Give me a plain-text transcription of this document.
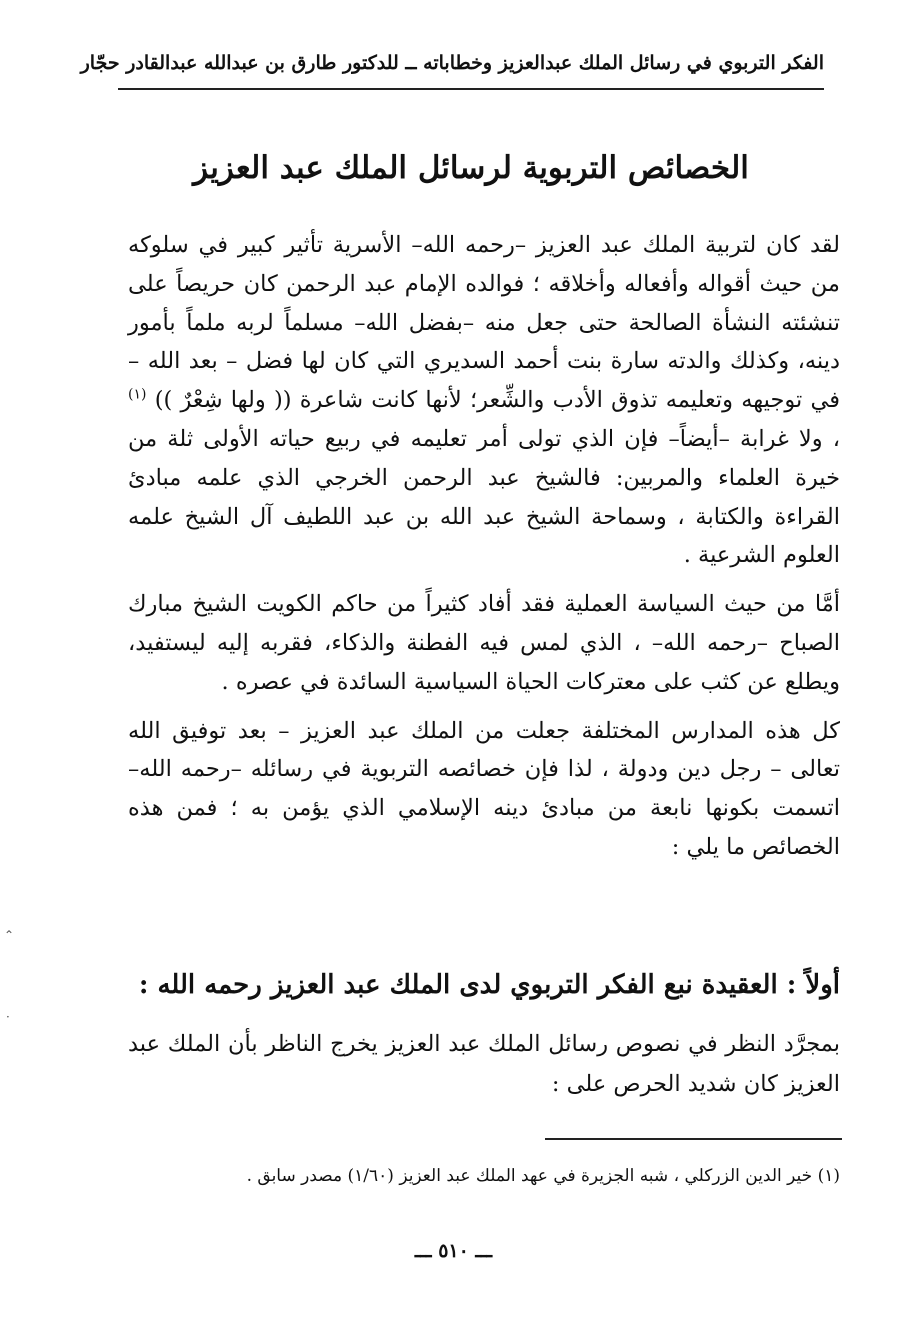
الفكر التربوي في رسائل الملك عبدالعزيز وخطاباته ــ للدكتور طارق بن عبدالله عبدالقادر حجّار
الخصائص التربوية لرسائل الملك عبد العزيز

لقد كان لتربية الملك عبد العزيز –رحمه الله– الأسرية تأثير كبير في سلوكه من حيث أقواله وأفعاله وأخلاقه ؛ فوالده الإمام عبد الرحمن كان حريصاً على تنشئته النشأة الصالحة حتى جعل منه –بفضل الله– مسلماً لربه ملماً بأمور دينه، وكذلك والدته سارة بنت أحمد السديري التي كان لها فضل – بعد الله – في توجيهه وتعليمه تذوق الأدب والشِّعر؛ لأنها كانت شاعرة (( ولها شِعْرٌ )) $^{(١)}$ ، ولا غرابة –أيضاً– فإن الذي تولى أمر تعليمه في ربيع حياته الأولى ثلة من خيرة العلماء والمربين: فالشيخ عبد الرحمن الخرجي الذي علمه مبادئ القراءة والكتابة ، وسماحة الشيخ عبد الله بن عبد اللطيف آل الشيخ علمه العلوم الشرعية .

أمَّا من حيث السياسة العملية فقد أفاد كثيراً من حاكم الكويت الشيخ مبارك الصباح –رحمه الله– ، الذي لمس فيه الفطنة والذكاء، فقربه إليه ليستفيد، ويطلع عن كثب على معتركات الحياة السياسية السائدة في عصره .

كل هذه المدارس المختلفة جعلت من الملك عبد العزيز – بعد توفيق الله تعالى – رجل دين ودولة ، لذا فإن خصائصه التربوية في رسائله –رحمه الله– اتسمت بكونها نابعة من مبادئ دينه الإسلامي الذي يؤمن به ؛ فمن هذه الخصائص ما يلي :

أولاً : العقيدة نبع الفكر التربوي لدى الملك عبد العزيز رحمه الله :

بمجرَّد النظر في نصوص رسائل الملك عبد العزيز يخرج الناظر بأن الملك عبد العزيز كان شديد الحرص على :

(١) خير الدين الزركلي ، شبه الجزيرة في عهد الملك عبد العزيز (١/٦٠) مصدر سابق .
ـــ ٥١٠ ـــ
⌃
·
